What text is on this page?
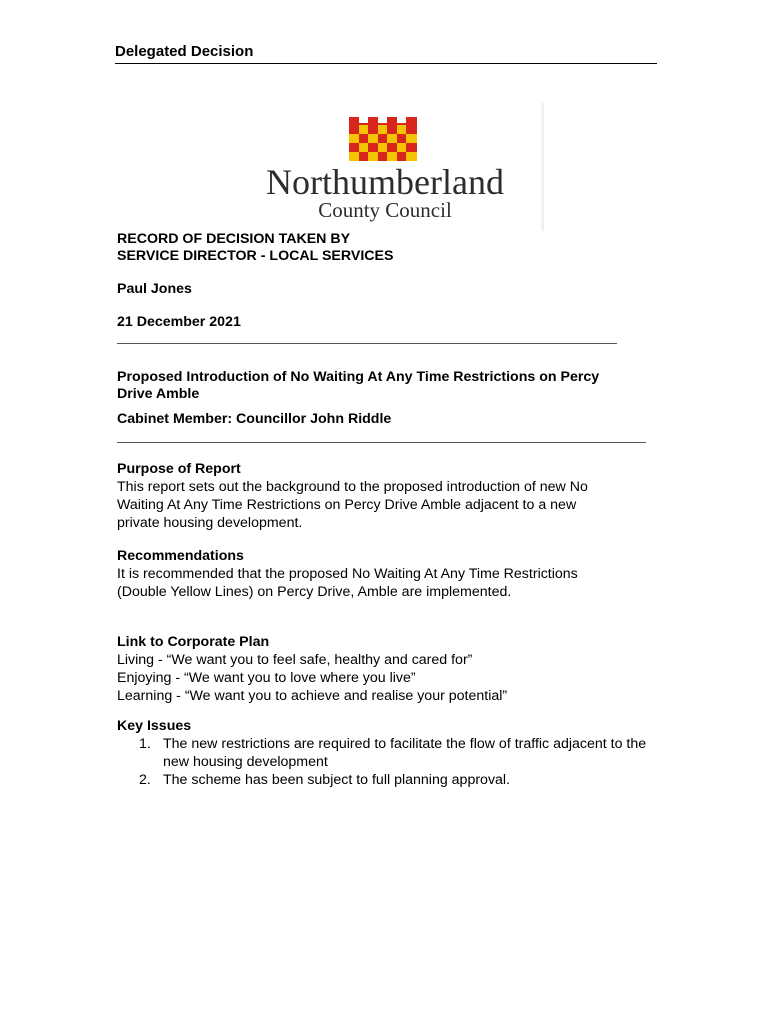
Delegated Decision
Northumberland
County Council
RECORD OF DECISION TAKEN BY
SERVICE DIRECTOR - LOCAL SERVICES
Paul Jones
21 December 2021
Proposed Introduction of No Waiting At Any Time Restrictions on Percy
Drive Amble
Cabinet Member: Councillor John Riddle

Purpose of Report

This report sets out the background to the proposed introduction of new No

Waiting At Any Time Restrictions on Percy Drive Amble adjacent to a new

private housing development.

Recommendations

It is recommended that the proposed No Waiting At Any Time Restrictions

(Double Yellow Lines) on Percy Drive, Amble are implemented.

Link to Corporate Plan

Living - “We want you to feel safe, healthy and cared for”

Enjoying - “We want you to love where you live”

Learning - “We want you to achieve and realise your potential”

Key Issues
1. The new restrictions are required to facilitate the flow of traffic adjacent to the new housing development
2. The scheme has been subject to full planning approval.
